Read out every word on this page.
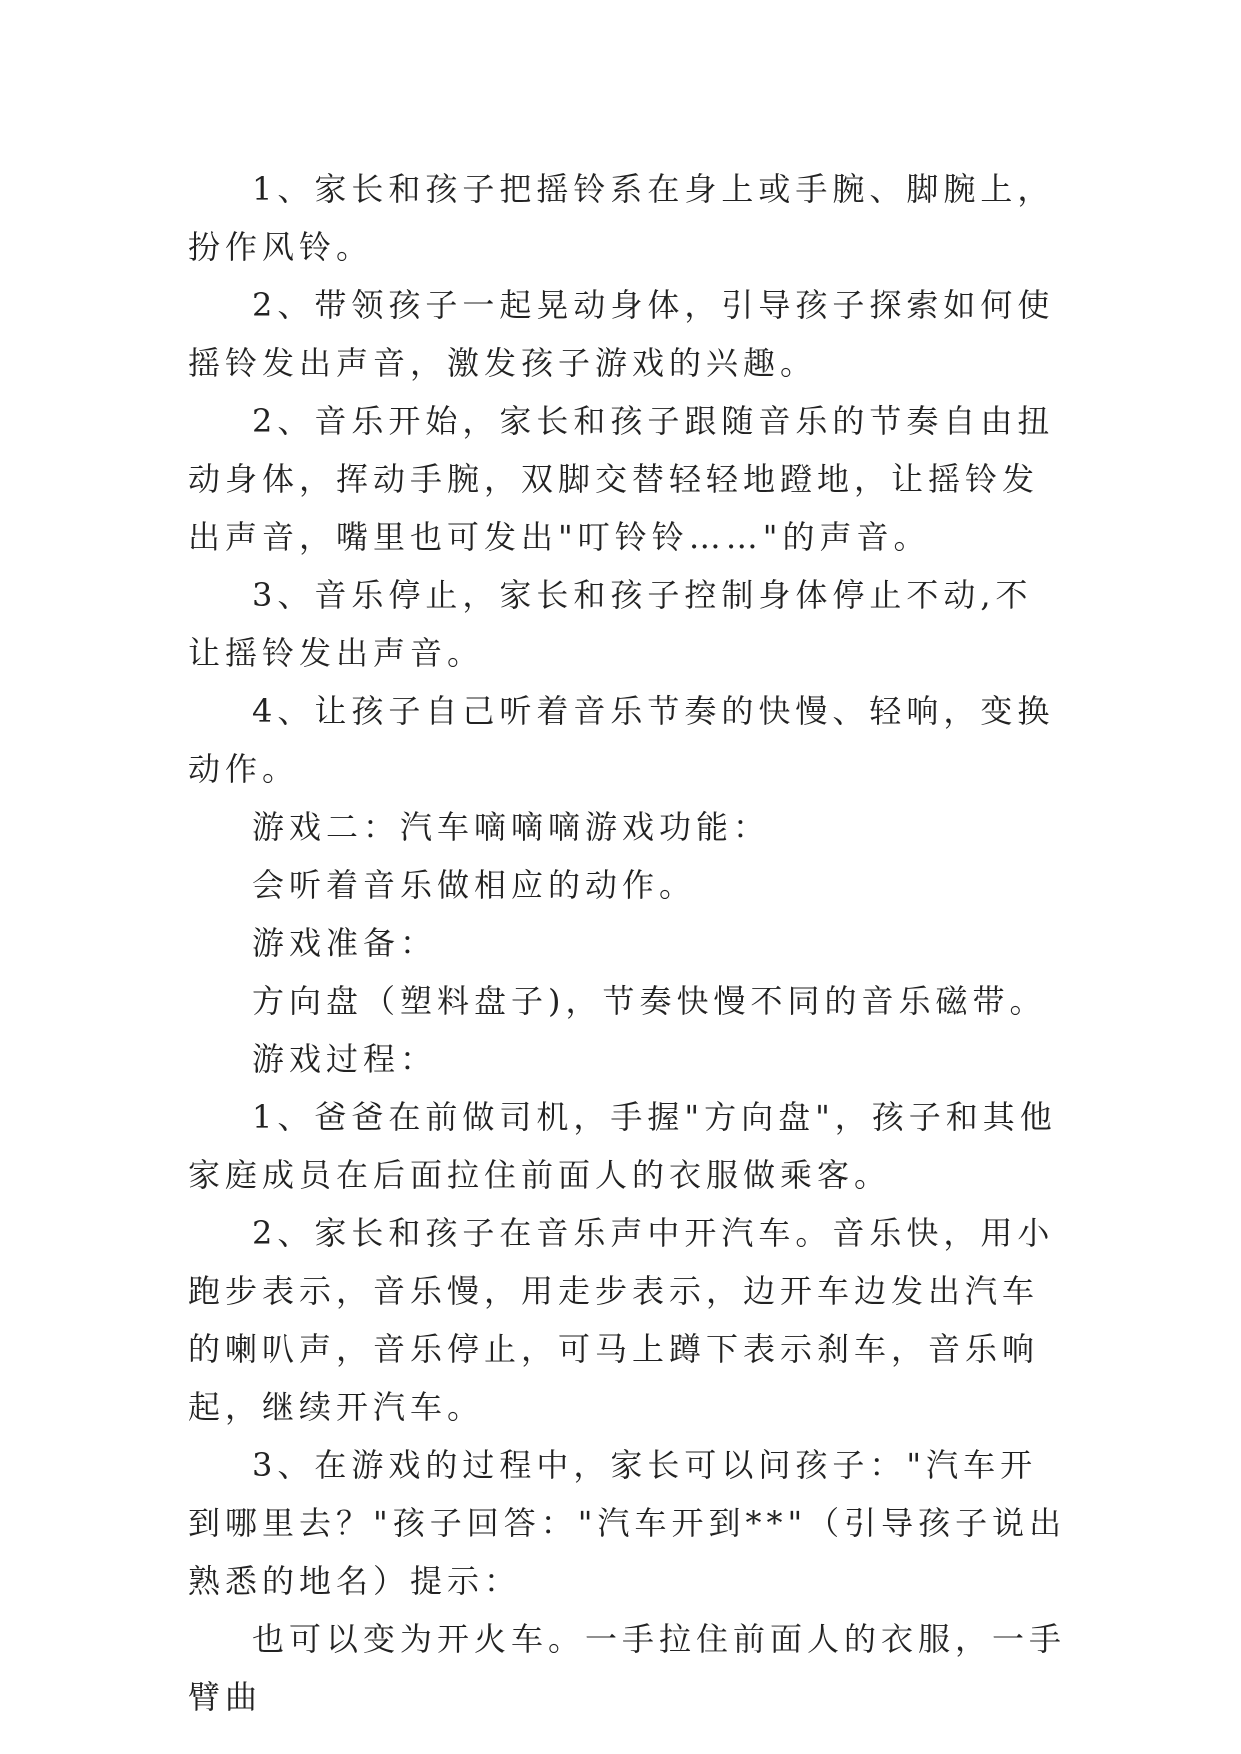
1、家长和孩子把摇铃系在身上或手腕、脚腕上，扮作风铃。

2、带领孩子一起晃动身体，引导孩子探索如何使摇铃发出声音，激发孩子游戏的兴趣。

2、音乐开始，家长和孩子跟随音乐的节奏自由扭动身体，挥动手腕，双脚交替轻轻地蹬地，让摇铃发出声音，嘴里也可发出"叮铃铃……"的声音。

3、音乐停止，家长和孩子控制身体停止不动,不让摇铃发出声音。

4、让孩子自己听着音乐节奏的快慢、轻响，变换动作。

游戏二：汽车嘀嘀嘀游戏功能：

会听着音乐做相应的动作。

游戏准备：

方向盘（塑料盘子)，节奏快慢不同的音乐磁带。

游戏过程：

1、爸爸在前做司机，手握"方向盘"，孩子和其他家庭成员在后面拉住前面人的衣服做乘客。

2、家长和孩子在音乐声中开汽车。音乐快，用小跑步表示，音乐慢，用走步表示，边开车边发出汽车的喇叭声，音乐停止，可马上蹲下表示刹车，音乐响起，继续开汽车。

3、在游戏的过程中，家长可以问孩子："汽车开到哪里去？"孩子回答："汽车开到**"（引导孩子说出熟悉的地名）提示：

也可以变为开火车。一手拉住前面人的衣服，一手臂曲
